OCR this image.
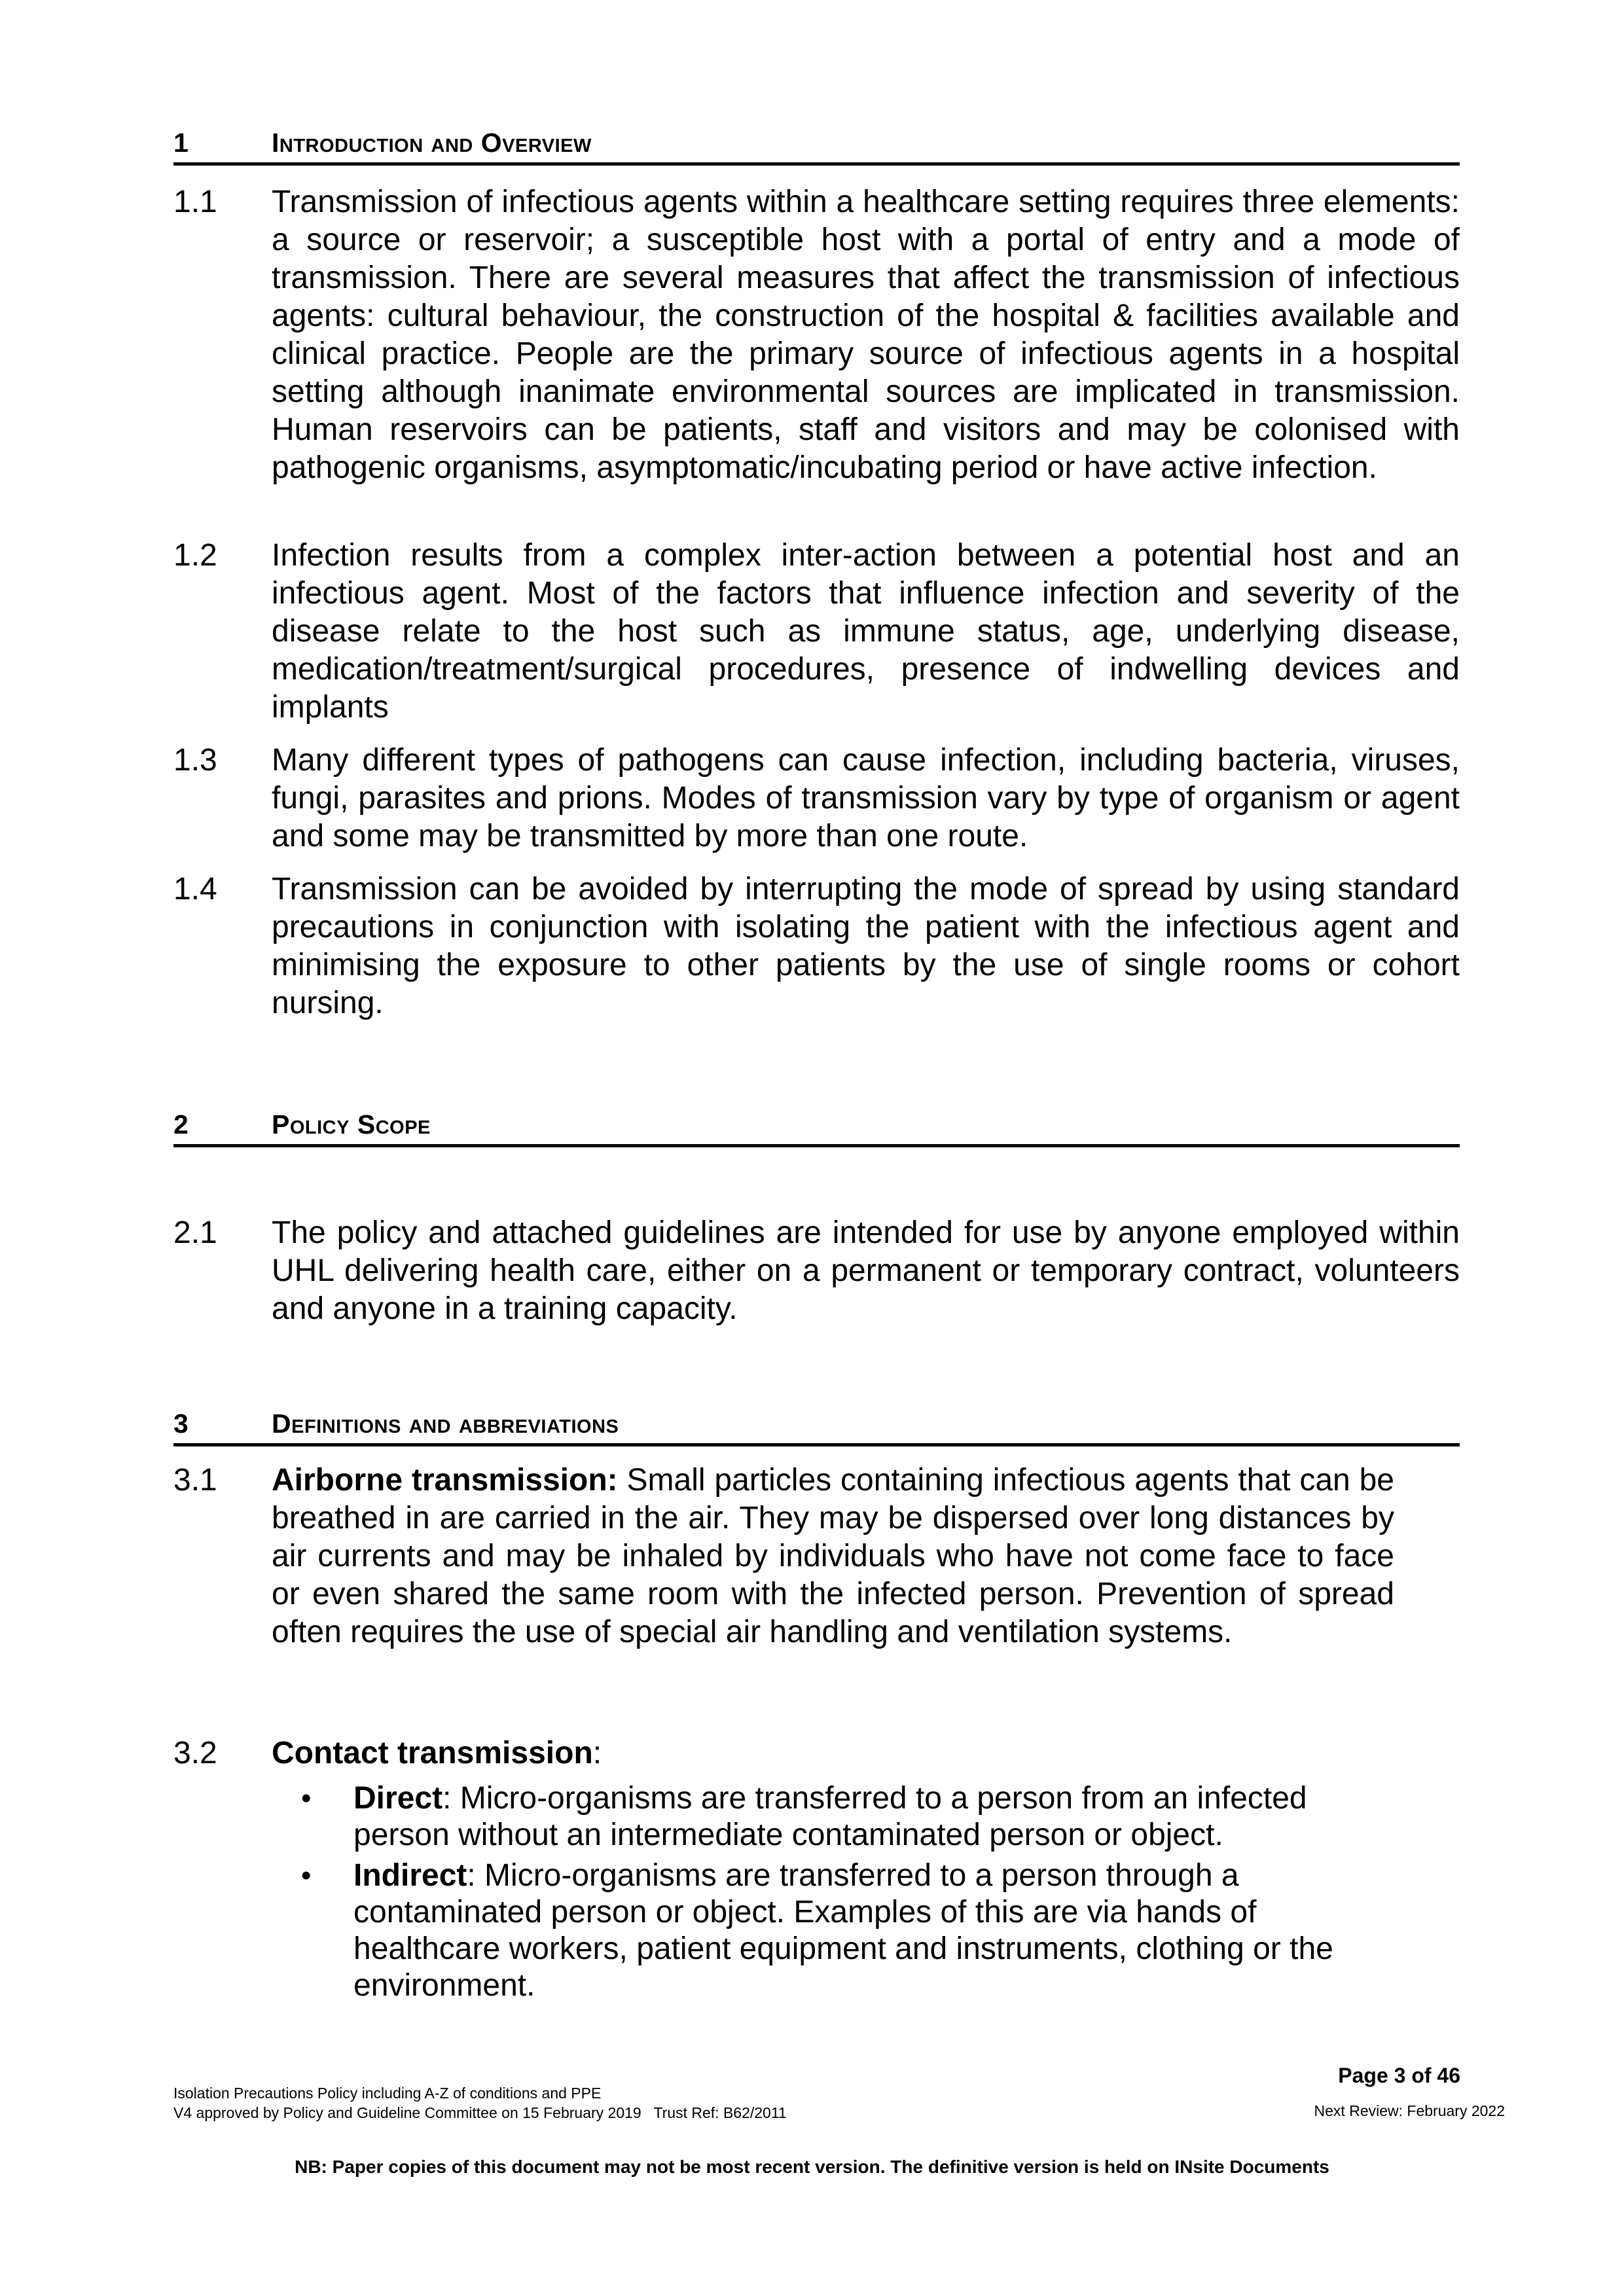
1	Introduction and Overview
1.1	Transmission of infectious agents within a healthcare setting requires three elements: a source or reservoir; a susceptible host with a portal of entry and a mode of transmission. There are several measures that affect the transmission of infectious agents: cultural behaviour, the construction of the hospital & facilities available and clinical practice. People are the primary source of infectious agents in a hospital setting although inanimate environmental sources are implicated in transmission. Human reservoirs can be patients, staff and visitors and may be colonised with pathogenic organisms, asymptomatic/incubating period or have active infection.
1.2	Infection results from a complex inter-action between a potential host and an infectious agent. Most of the factors that influence infection and severity of the disease relate to the host such as immune status, age, underlying disease, medication/treatment/surgical procedures, presence of indwelling devices and implants
1.3	Many different types of pathogens can cause infection, including bacteria, viruses, fungi, parasites and prions. Modes of transmission vary by type of organism or agent and some may be transmitted by more than one route.
1.4	Transmission can be avoided by interrupting the mode of spread by using standard precautions in conjunction with isolating the patient with the infectious agent and minimising the exposure to other patients by the use of single rooms or cohort nursing.
2	Policy Scope
2.1	The policy and attached guidelines are intended for use by anyone employed within UHL delivering health care, either on a permanent or temporary contract, volunteers and anyone in a training capacity.
3	Definitions and abbreviations
3.1	Airborne transmission: Small particles containing infectious agents that can be breathed in are carried in the air. They may be dispersed over long distances by air currents and may be inhaled by individuals who have not come face to face or even shared the same room with the infected person. Prevention of spread often requires the use of special air handling and ventilation systems.
3.2	Contact transmission:
• Direct: Micro-organisms are transferred to a person from an infected person without an intermediate contaminated person or object.
• Indirect: Micro-organisms are transferred to a person through a contaminated person or object. Examples of this are via hands of healthcare workers, patient equipment and instruments, clothing or the environment.
Page 3 of 46
Isolation Precautions Policy including A-Z of conditions and PPE
V4 approved by Policy and Guideline Committee on 15 February 2019   Trust Ref: B62/2011	Next Review: February 2022
NB: Paper copies of this document may not be most recent version. The definitive version is held on INsite Documents
